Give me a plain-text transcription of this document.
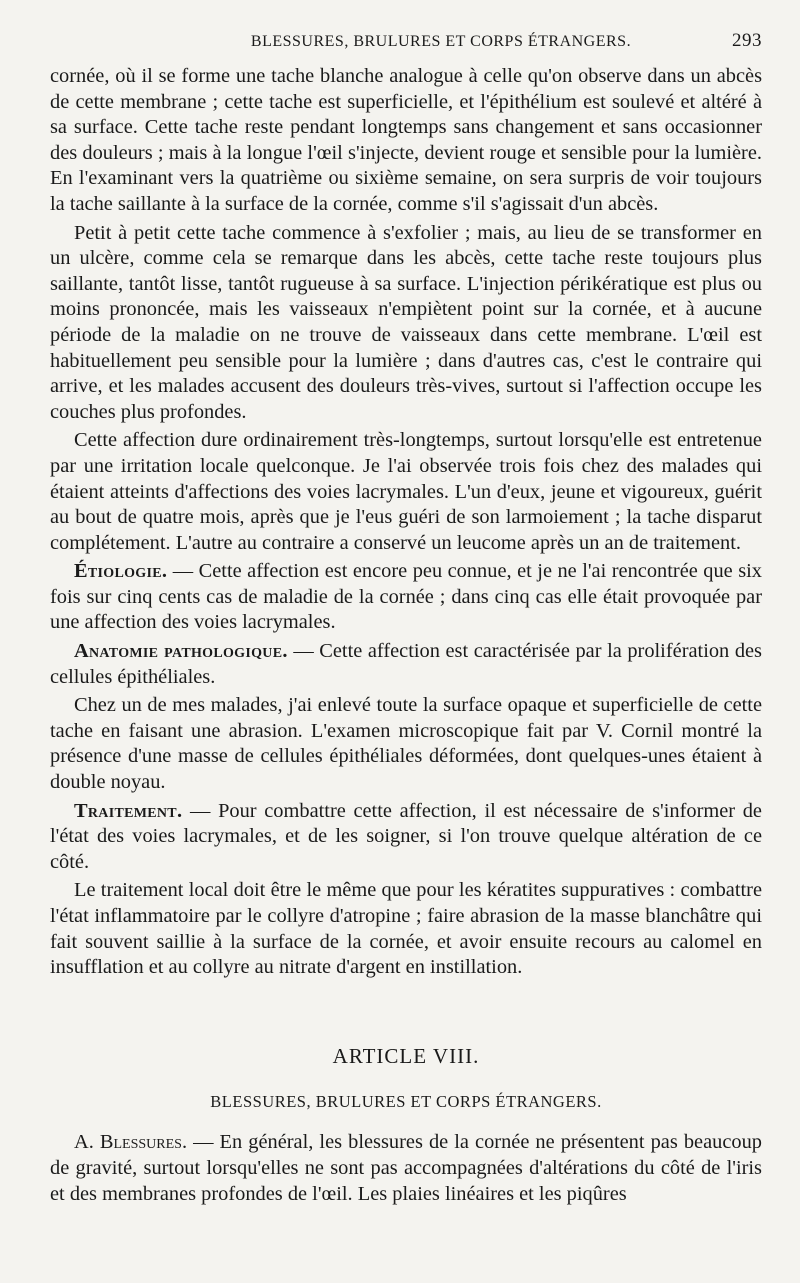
BLESSURES, BRULURES ET CORPS ÉTRANGERS.	293

cornée, où il se forme une tache blanche analogue à celle qu'on observe dans un abcès de cette membrane ; cette tache est superficielle, et l'épithélium est soulevé et altéré à sa surface. Cette tache reste pendant longtemps sans changement et sans occasionner des douleurs ; mais à la longue l'œil s'injecte, devient rouge et sensible pour la lumière. En l'examinant vers la quatrième ou sixième semaine, on sera surpris de voir toujours la tache saillante à la surface de la cornée, comme s'il s'agissait d'un abcès.

Petit à petit cette tache commence à s'exfolier ; mais, au lieu de se transformer en un ulcère, comme cela se remarque dans les abcès, cette tache reste toujours plus saillante, tantôt lisse, tantôt rugueuse à sa surface. L'injection périkératique est plus ou moins prononcée, mais les vaisseaux n'empiètent point sur la cornée, et à aucune période de la maladie on ne trouve de vaisseaux dans cette membrane. L'œil est habituellement peu sensible pour la lumière ; dans d'autres cas, c'est le contraire qui arrive, et les malades accusent des douleurs très-vives, surtout si l'affection occupe les couches plus profondes.

Cette affection dure ordinairement très-longtemps, surtout lorsqu'elle est entretenue par une irritation locale quelconque. Je l'ai observée trois fois chez des malades qui étaient atteints d'affections des voies lacrymales. L'un d'eux, jeune et vigoureux, guérit au bout de quatre mois, après que je l'eus guéri de son larmoiement ; la tache disparut complétement. L'autre au contraire a conservé un leucome après un an de traitement.

Étiologie. — Cette affection est encore peu connue, et je ne l'ai rencontrée que six fois sur cinq cents cas de maladie de la cornée ; dans cinq cas elle était provoquée par une affection des voies lacrymales.

Anatomie pathologique. — Cette affection est caractérisée par la prolifération des cellules épithéliales.

Chez un de mes malades, j'ai enlevé toute la surface opaque et superficielle de cette tache en faisant une abrasion. L'examen microscopique fait par V. Cornil montré la présence d'une masse de cellules épithéliales déformées, dont quelques-unes étaient à double noyau.

Traitement. — Pour combattre cette affection, il est nécessaire de s'informer de l'état des voies lacrymales, et de les soigner, si l'on trouve quelque altération de ce côté.

Le traitement local doit être le même que pour les kératites suppuratives : combattre l'état inflammatoire par le collyre d'atropine ; faire abrasion de la masse blanchâtre qui fait souvent saillie à la surface de la cornée, et avoir ensuite recours au calomel en insufflation et au collyre au nitrate d'argent en instillation.

ARTICLE VIII.
BLESSURES, BRULURES ET CORPS ÉTRANGERS.

A. Blessures. — En général, les blessures de la cornée ne présentent pas beaucoup de gravité, surtout lorsqu'elles ne sont pas accompagnées d'altérations du côté de l'iris et des membranes profondes de l'œil. Les plaies linéaires et les piqûres
